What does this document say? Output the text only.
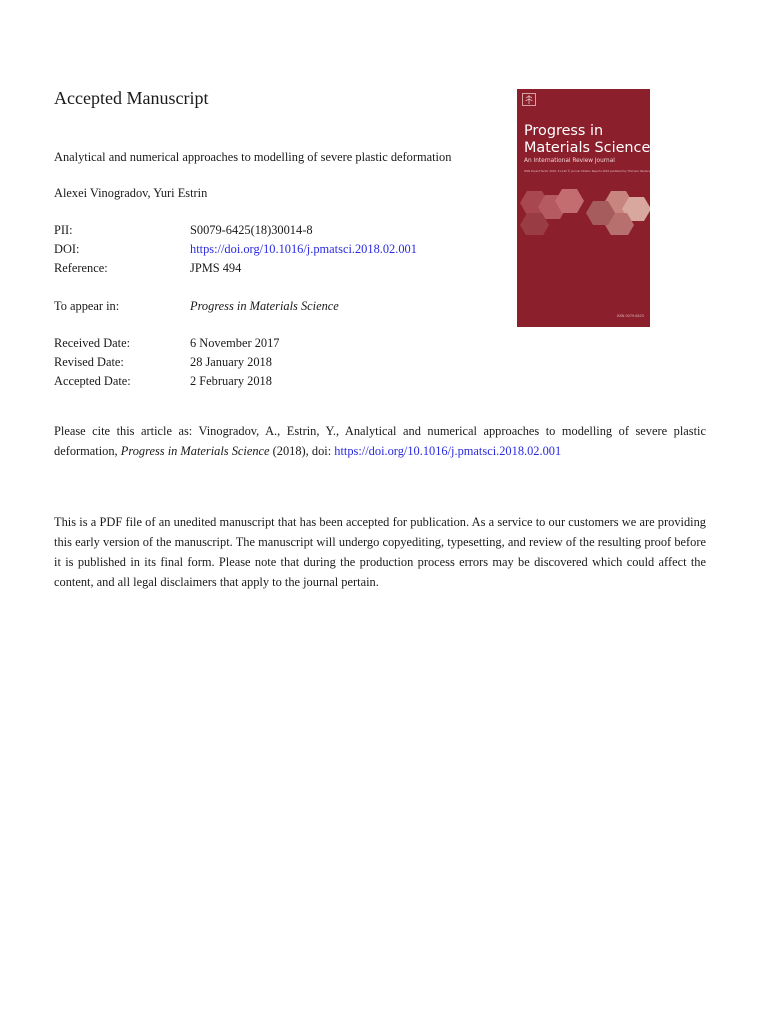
Accepted Manuscript
Analytical and numerical approaches to modelling of severe plastic deformation
Alexei Vinogradov, Yuri Estrin
PII:	S0079-6425(18)30014-8
DOI:	https://doi.org/10.1016/j.pmatsci.2018.02.001
Reference:	JPMS 494
To appear in:	Progress in Materials Science
Received Date:	6 November 2017
Revised Date:	28 January 2018
Accepted Date:	2 February 2018
Please cite this article as: Vinogradov, A., Estrin, Y., Analytical and numerical approaches to modelling of severe plastic deformation, Progress in Materials Science (2018), doi: https://doi.org/10.1016/j.pmatsci.2018.02.001
This is a PDF file of an unedited manuscript that has been accepted for publication. As a service to our customers we are providing this early version of the manuscript. The manuscript will undergo copyediting, typesetting, and review of the resulting proof before it is published in its final form. Please note that during the production process errors may be discovered which could affect the content, and all legal disclaimers that apply to the journal pertain.
Progress in
Materials Science
An International Review Journal
ISSN Impact Factor 2016: 31.140 © Journal Citation Reports 2016 published by Thomson Reuters
ISSN 0079-6425
